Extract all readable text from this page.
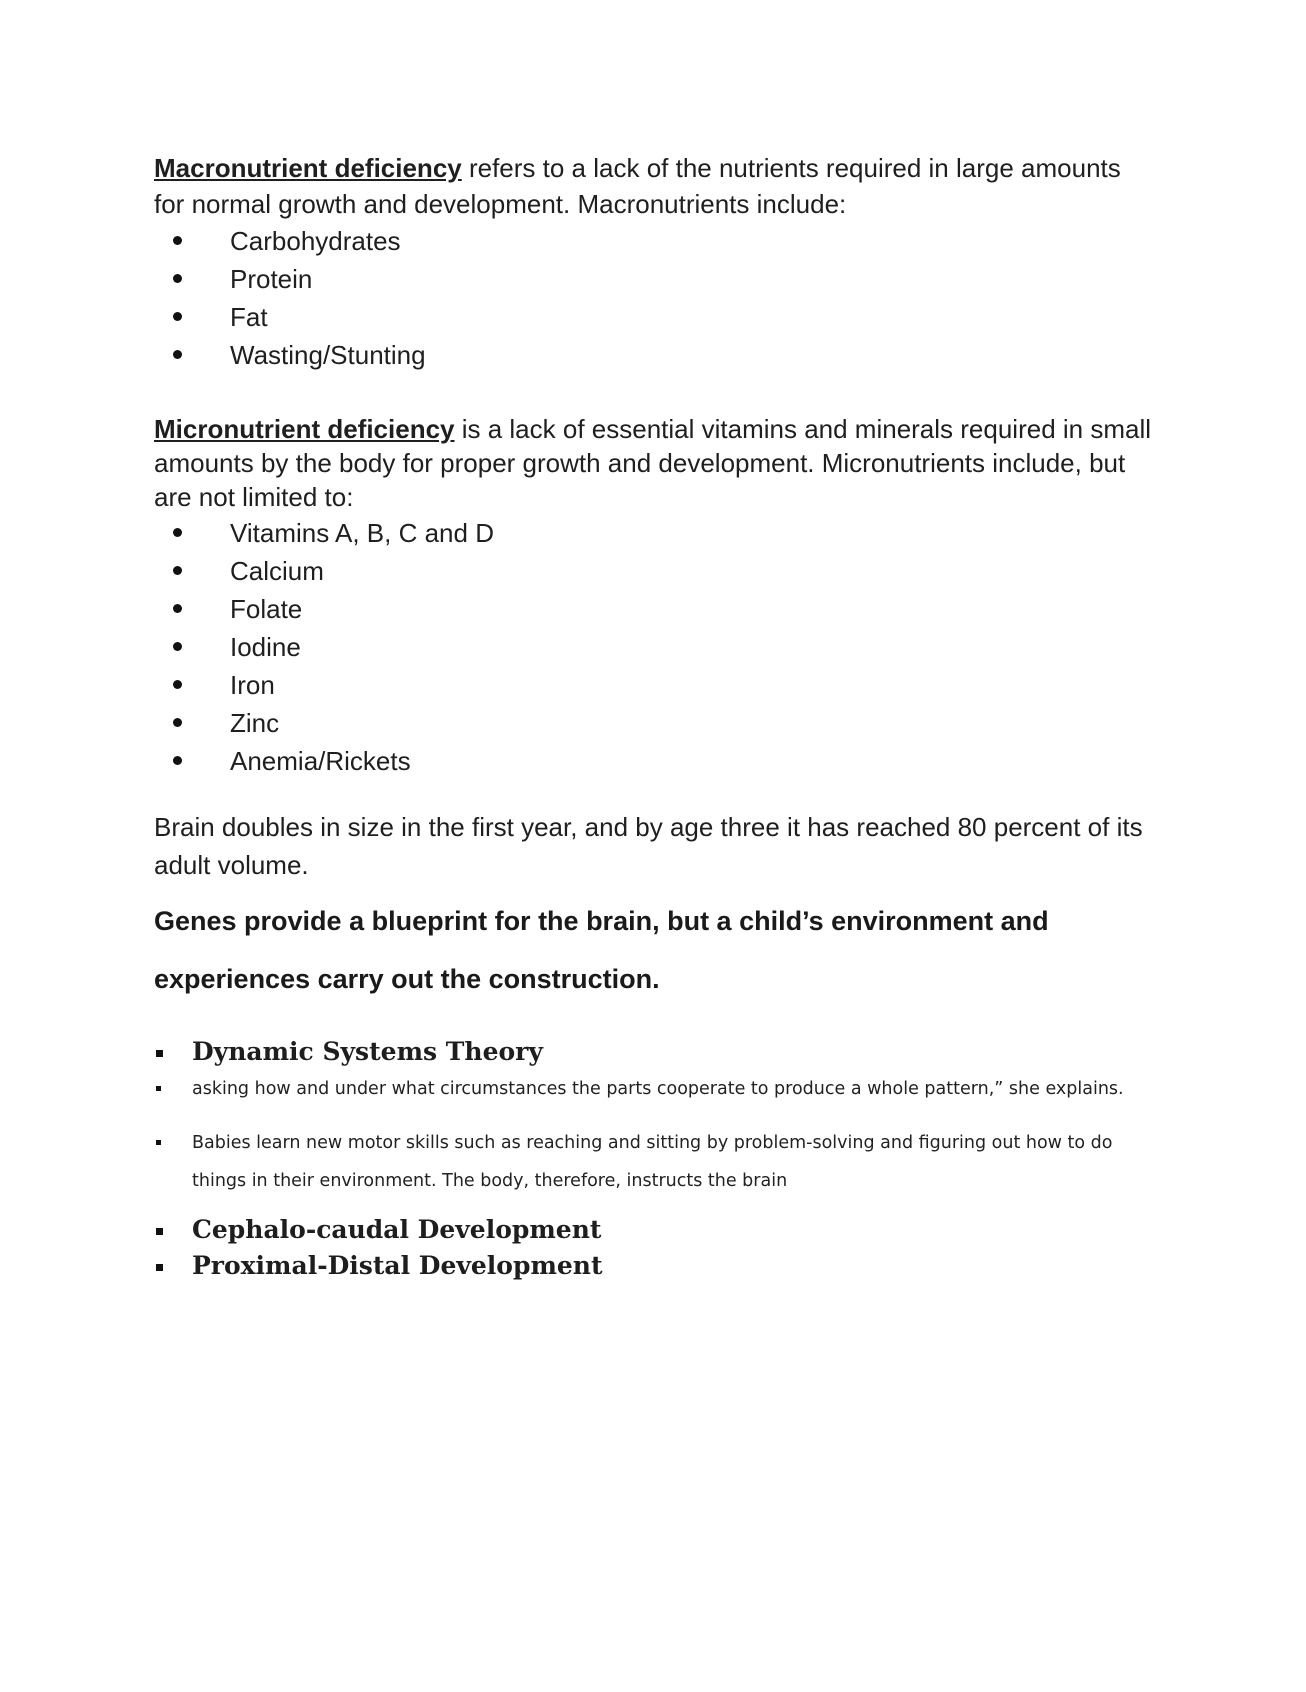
Macronutrient deficiency refers to a lack of the nutrients required in large amounts for normal growth and development. Macronutrients include:

Carbohydrates
Protein
Fat
Wasting/Stunting

Micronutrient deficiency is a lack of essential vitamins and minerals required in small amounts by the body for proper growth and development. Micronutrients include, but are not limited to:

Vitamins A, B, C and D
Calcium
Folate
Iodine
Iron
Zinc
Anemia/Rickets

Brain doubles in size in the first year, and by age three it has reached 80 percent of its adult volume.

Genes provide a blueprint for the brain, but a child’s environment and
experiences carry out the construction.
Dynamic Systems Theory
asking how and under what circumstances the parts cooperate to produce a whole pattern,” she explains.
Babies learn new motor skills such as reaching and sitting by problem-solving and figuring out how to do things in their environment. The body, therefore, instructs the brain
Cephalo-caudal Development
Proximal-Distal Development
